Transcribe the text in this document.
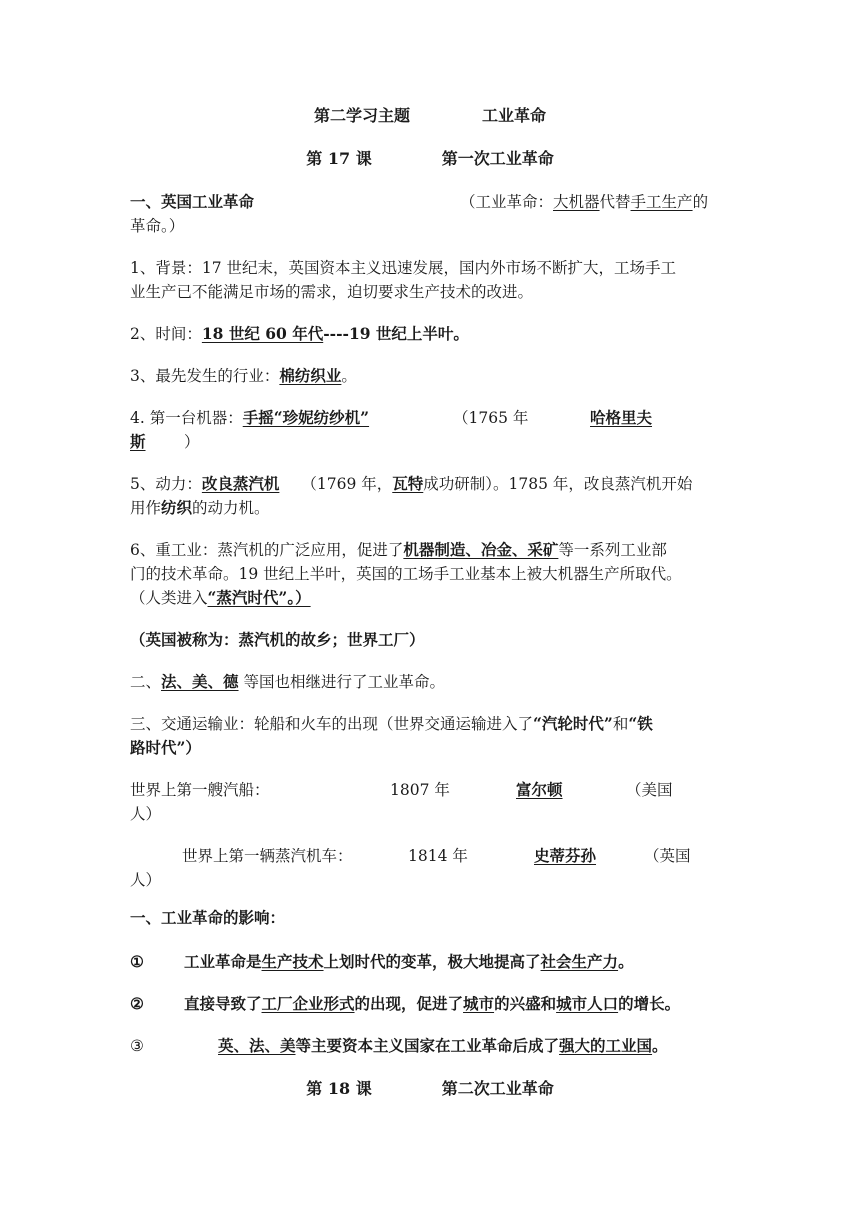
第二学习主题	工业革命
第 17 课	第一次工业革命
一、英国工业革命	（工业革命：大机器代替手工生产的
革命。）
1、背景：17 世纪末，英国资本主义迅速发展，国内外市场不断扩大，工场手工
业生产已不能满足市场的需求，迫切要求生产技术的改进。
2、时间：18 世纪 60 年代----19 世纪上半叶。
3、最先发生的行业：棉纺织业。
4. 第一台机器：手摇“珍妮纺纱机”	（1765 年	哈格里夫
斯 ）
5、动力：改良蒸汽机 （1769 年，瓦特成功研制）。1785 年，改良蒸汽机开始
用作纺织的动力机。
6、重工业：蒸汽机的广泛应用，促进了机器制造、冶金、采矿等一系列工业部
门的技术革命。19 世纪上半叶，英国的工场手工业基本上被大机器生产所取代。
（人类进入“蒸汽时代”。）
（英国被称为：蒸汽机的故乡；世界工厂）
二、法、美、德 等国也相继进行了工业革命。
三、交通运输业：轮船和火车的出现（世界交通运输进入了“汽轮时代”和“铁
路时代”）
世界上第一艘汽船：	1807 年	富尔顿	（美国
人）
世界上第一辆蒸汽机车：	1814 年	史蒂芬孙	（英国
人）
一、工业革命的影响：
①	工业革命是生产技术上划时代的变革，极大地提高了社会生产力。
②	直接导致了工厂企业形式的出现，促进了城市的兴盛和城市人口的增长。
③	英、法、美等主要资本主义国家在工业革命后成了强大的工业国。
第 18 课	第二次工业革命
